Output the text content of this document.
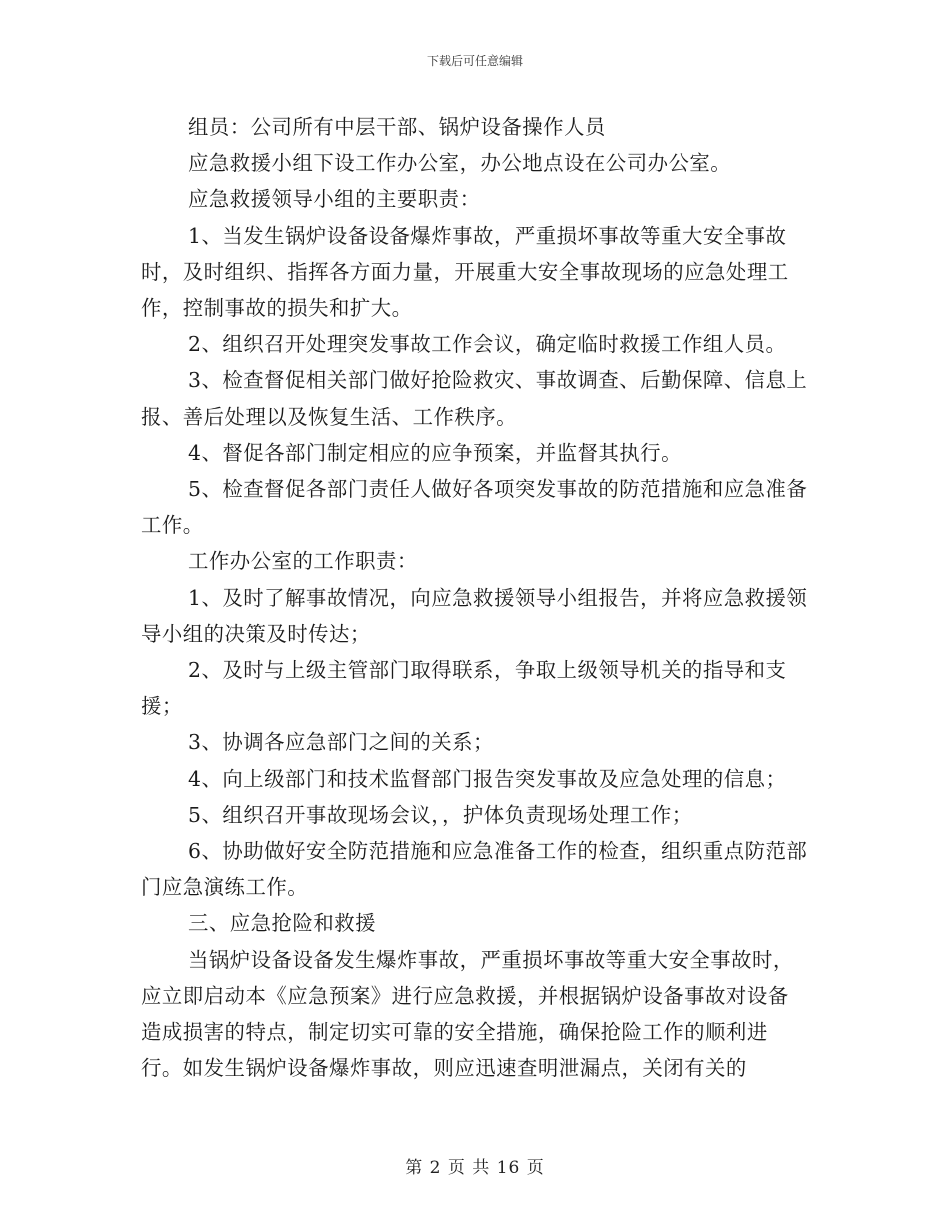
下载后可任意编辑

组员：公司所有中层干部、锅炉设备操作人员

应急救援小组下设工作办公室，办公地点设在公司办公室。

应急救援领导小组的主要职责：

1、当发生锅炉设备设备爆炸事故，严重损坏事故等重大安全事故时，及时组织、指挥各方面力量，开展重大安全事故现场的应急处理工作，控制事故的损失和扩大。

2、组织召开处理突发事故工作会议，确定临时救援工作组人员。

3、检查督促相关部门做好抢险救灾、事故调查、后勤保障、信息上报、善后处理以及恢复生活、工作秩序。

4、督促各部门制定相应的应争预案，并监督其执行。

5、检查督促各部门责任人做好各项突发事故的防范措施和应急准备工作。

工作办公室的工作职责：

1、及时了解事故情况，向应急救援领导小组报告，并将应急救援领导小组的决策及时传达；

2、及时与上级主管部门取得联系，争取上级领导机关的指导和支援；

3、协调各应急部门之间的关系；

4、向上级部门和技术监督部门报告突发事故及应急处理的信息；

5、组织召开事故现场会议，，护体负责现场处理工作；

6、协助做好安全防范措施和应急准备工作的检查，组织重点防范部门应急演练工作。

三、应急抢险和救援

当锅炉设备设备发生爆炸事故，严重损坏事故等重大安全事故时，应立即启动本《应急预案》进行应急救援，并根据锅炉设备事故对设备造成损害的特点，制定切实可靠的安全措施，确保抢险工作的顺利进行。如发生锅炉设备爆炸事故，则应迅速查明泄漏点，关闭有关的

第 2 页 共 16 页
